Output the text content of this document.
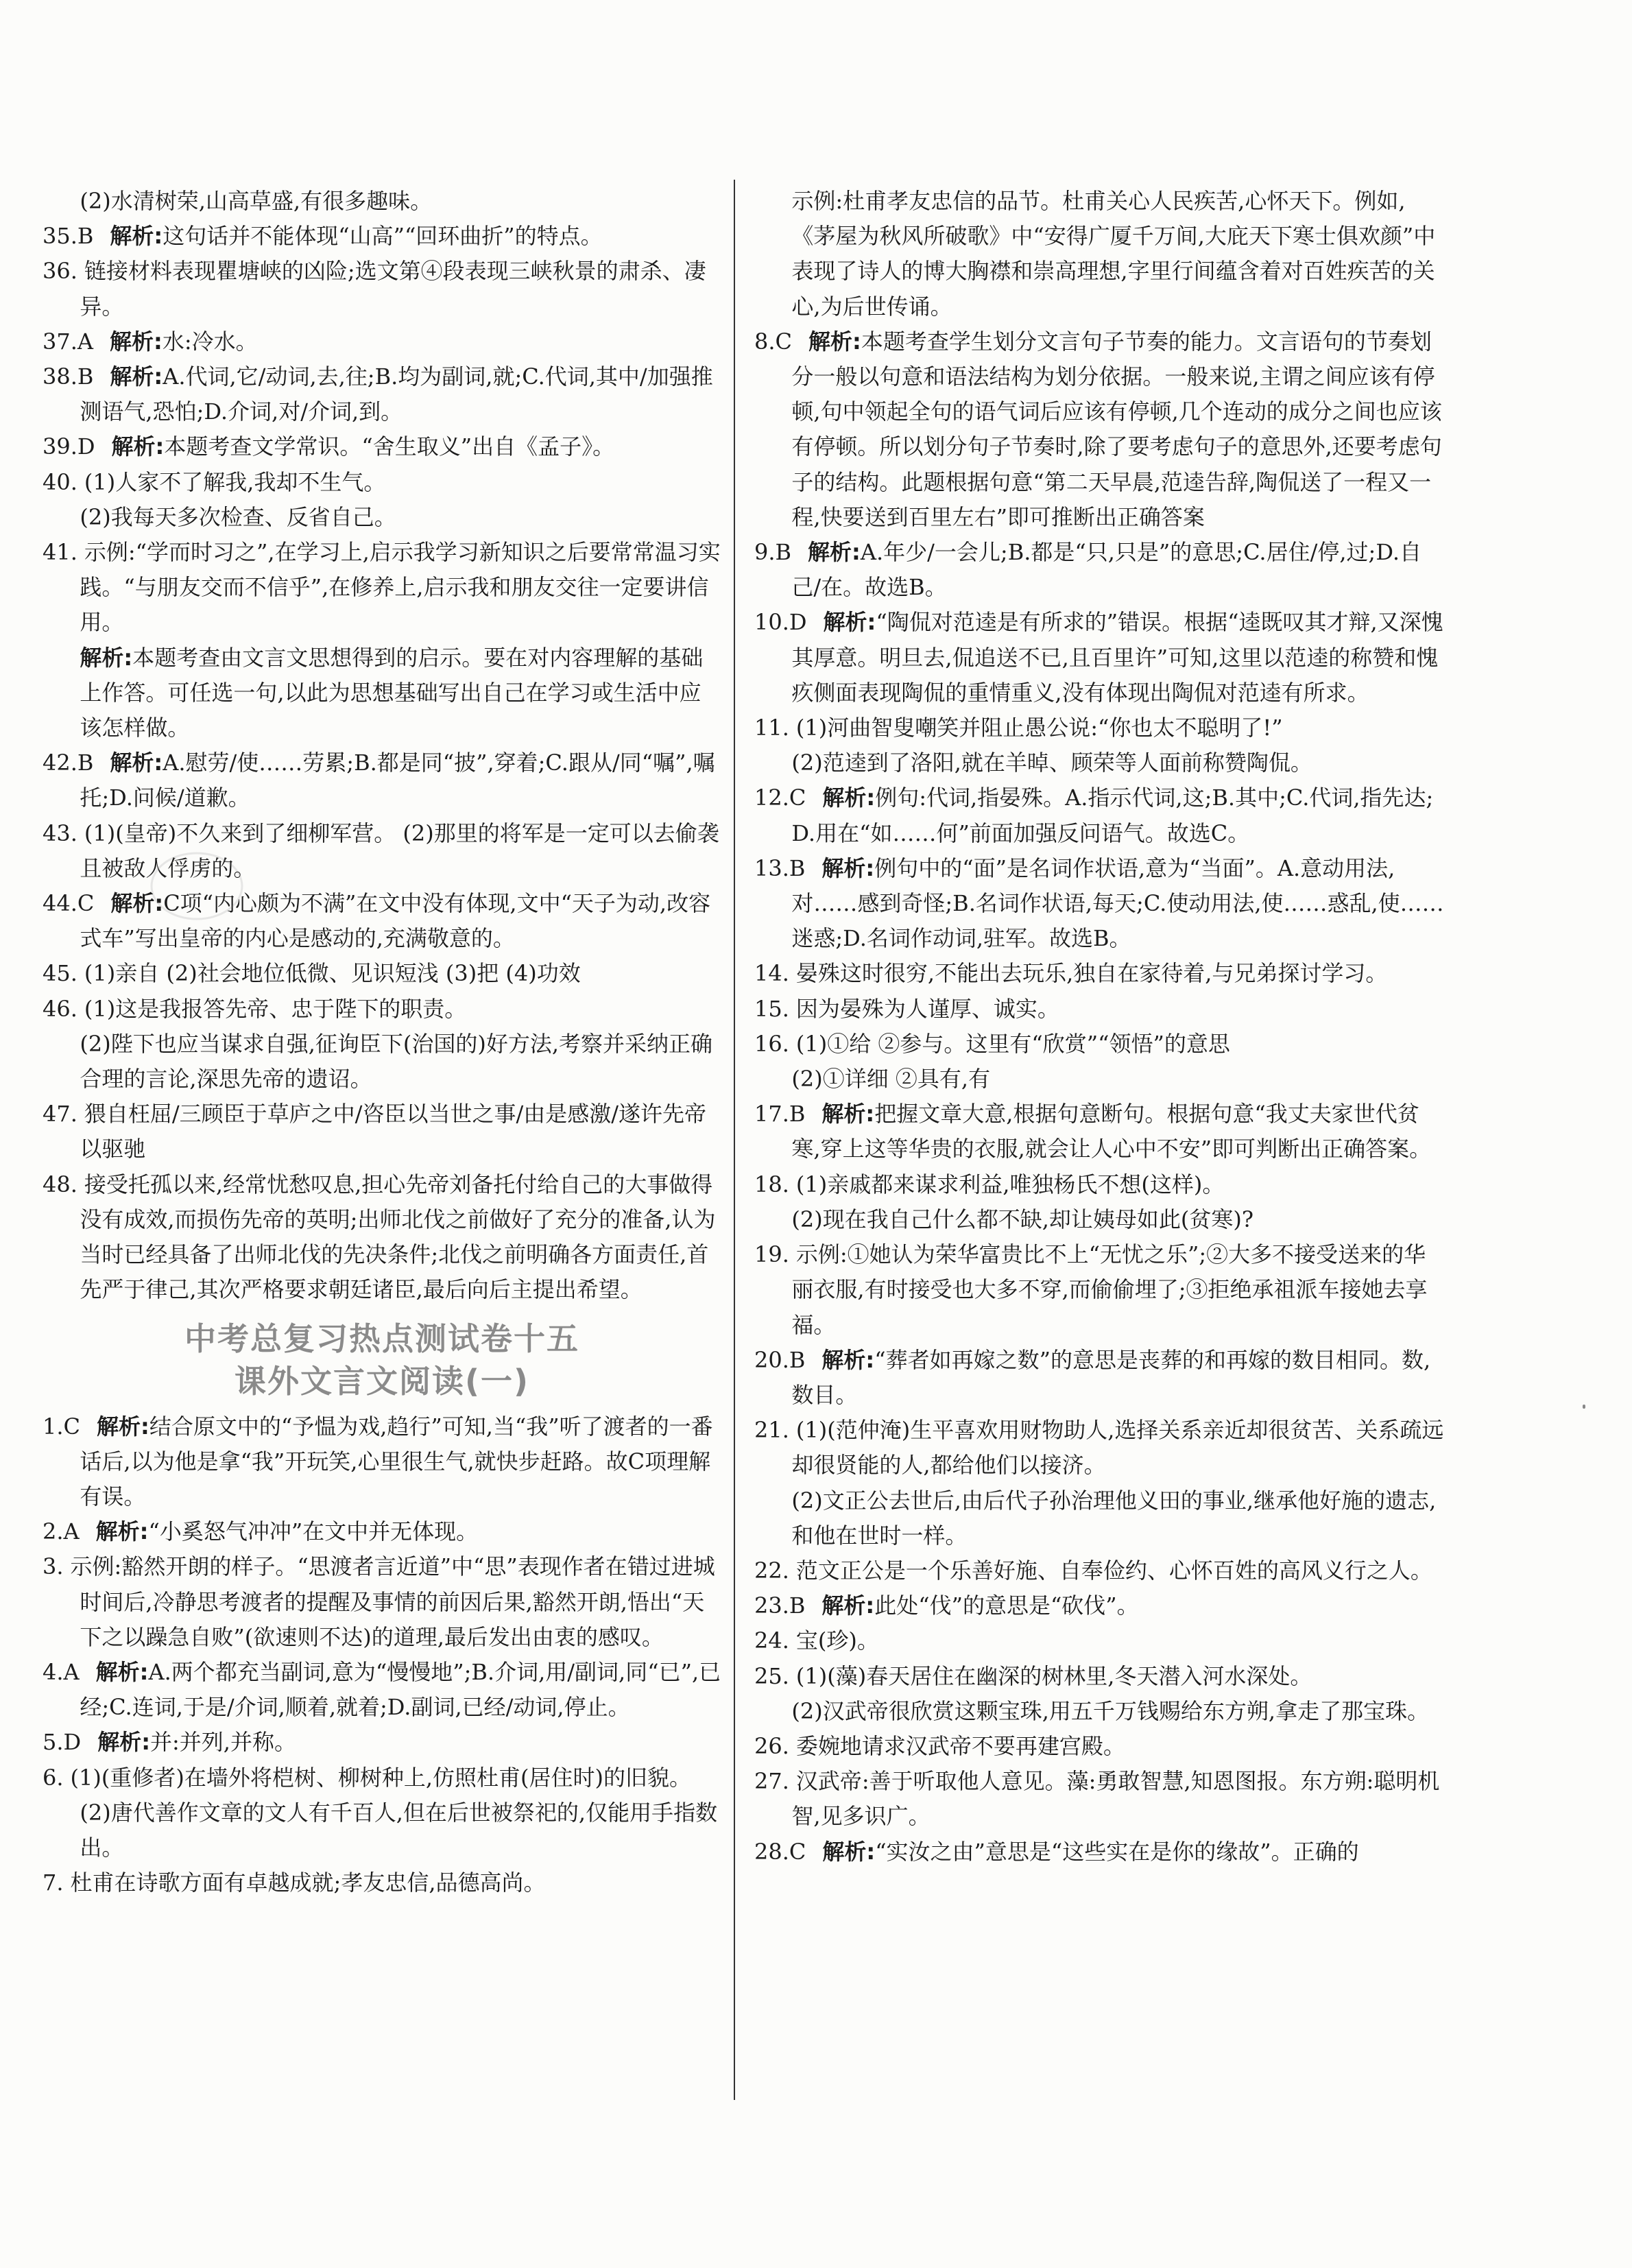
(2)水清树荣,山高草盛,有很多趣味。

35.B 解析:这句话并不能体现“山高”“回环曲折”的特点。

36. 链接材料表现瞿塘峡的凶险;选文第④段表现三峡秋景的肃杀、凄异。

37.A 解析:水:冷水。

38.B 解析:A.代词,它/动词,去,往;B.均为副词,就;C.代词,其中/加强推测语气,恐怕;D.介词,对/介词,到。

39.D 解析:本题考查文学常识。“舍生取义”出自《孟子》。

40. (1)人家不了解我,我却不生气。

(2)我每天多次检查、反省自己。

41. 示例:“学而时习之”,在学习上,启示我学习新知识之后要常常温习实践。“与朋友交而不信乎”,在修养上,启示我和朋友交往一定要讲信用。

解析:本题考查由文言文思想得到的启示。要在对内容理解的基础上作答。可任选一句,以此为思想基础写出自己在学习或生活中应该怎样做。

42.B 解析:A.慰劳/使……劳累;B.都是同“披”,穿着;C.跟从/同“嘱”,嘱托;D.问候/道歉。

43. (1)(皇帝)不久来到了细柳军营。 (2)那里的将军是一定可以去偷袭且被敌人俘虏的。

44.C 解析:C项“内心颇为不满”在文中没有体现,文中“天子为动,改容式车”写出皇帝的内心是感动的,充满敬意的。

45. (1)亲自 (2)社会地位低微、见识短浅 (3)把 (4)功效

46. (1)这是我报答先帝、忠于陛下的职责。

(2)陛下也应当谋求自强,征询臣下(治国的)好方法,考察并采纳正确合理的言论,深思先帝的遗诏。

47. 猥自枉屈/三顾臣于草庐之中/咨臣以当世之事/由是感激/遂许先帝以驱驰

48. 接受托孤以来,经常忧愁叹息,担心先帝刘备托付给自己的大事做得没有成效,而损伤先帝的英明;出师北伐之前做好了充分的准备,认为当时已经具备了出师北伐的先决条件;北伐之前明确各方面责任,首先严于律己,其次严格要求朝廷诸臣,最后向后主提出希望。

中考总复习热点测试卷十五
课外文言文阅读(一)

1.C 解析:结合原文中的“予愠为戏,趋行”可知,当“我”听了渡者的一番话后,以为他是拿“我”开玩笑,心里很生气,就快步赶路。故C项理解有误。

2.A 解析:“小奚怒气冲冲”在文中并无体现。

3. 示例:豁然开朗的样子。“思渡者言近道”中“思”表现作者在错过进城时间后,冷静思考渡者的提醒及事情的前因后果,豁然开朗,悟出“天下之以躁急自败”(欲速则不达)的道理,最后发出由衷的感叹。

4.A 解析:A.两个都充当副词,意为“慢慢地”;B.介词,用/副词,同“已”,已经;C.连词,于是/介词,顺着,就着;D.副词,已经/动词,停止。

5.D 解析:并:并列,并称。

6. (1)(重修者)在墙外将桤树、柳树种上,仿照杜甫(居住时)的旧貌。

(2)唐代善作文章的文人有千百人,但在后世被祭祀的,仅能用手指数出。

7. 杜甫在诗歌方面有卓越成就;孝友忠信,品德高尚。

示例:杜甫孝友忠信的品节。杜甫关心人民疾苦,心怀天下。例如,《茅屋为秋风所破歌》中“安得广厦千万间,大庇天下寒士俱欢颜”中表现了诗人的博大胸襟和崇高理想,字里行间蕴含着对百姓疾苦的关心,为后世传诵。

8.C 解析:本题考查学生划分文言句子节奏的能力。文言语句的节奏划分一般以句意和语法结构为划分依据。一般来说,主谓之间应该有停顿,句中领起全句的语气词后应该有停顿,几个连动的成分之间也应该有停顿。所以划分句子节奏时,除了要考虑句子的意思外,还要考虑句子的结构。此题根据句意“第二天早晨,范逵告辞,陶侃送了一程又一程,快要送到百里左右”即可推断出正确答案

9.B 解析:A.年少/一会儿;B.都是“只,只是”的意思;C.居住/停,过;D.自己/在。故选B。

10.D 解析:“陶侃对范逵是有所求的”错误。根据“逵既叹其才辩,又深愧其厚意。明旦去,侃追送不已,且百里许”可知,这里以范逵的称赞和愧疚侧面表现陶侃的重情重义,没有体现出陶侃对范逵有所求。

11. (1)河曲智叟嘲笑并阻止愚公说:“你也太不聪明了!”

(2)范逵到了洛阳,就在羊晫、顾荣等人面前称赞陶侃。

12.C 解析:例句:代词,指晏殊。A.指示代词,这;B.其中;C.代词,指先达;D.用在“如……何”前面加强反问语气。故选C。

13.B 解析:例句中的“面”是名词作状语,意为“当面”。A.意动用法,对……感到奇怪;B.名词作状语,每天;C.使动用法,使……惑乱,使……迷惑;D.名词作动词,驻军。故选B。

14. 晏殊这时很穷,不能出去玩乐,独自在家待着,与兄弟探讨学习。

15. 因为晏殊为人谨厚、诚实。

16. (1)①给 ②参与。这里有“欣赏”“领悟”的意思

(2)①详细 ②具有,有

17.B 解析:把握文章大意,根据句意断句。根据句意“我丈夫家世代贫寒,穿上这等华贵的衣服,就会让人心中不安”即可判断出正确答案。

18. (1)亲戚都来谋求利益,唯独杨氏不想(这样)。

(2)现在我自己什么都不缺,却让姨母如此(贫寒)?

19. 示例:①她认为荣华富贵比不上“无忧之乐”;②大多不接受送来的华丽衣服,有时接受也大多不穿,而偷偷埋了;③拒绝承祖派车接她去享福。

20.B 解析:“葬者如再嫁之数”的意思是丧葬的和再嫁的数目相同。数,数目。

21. (1)(范仲淹)生平喜欢用财物助人,选择关系亲近却很贫苦、关系疏远却很贤能的人,都给他们以接济。

(2)文正公去世后,由后代子孙治理他义田的事业,继承他好施的遗志,和他在世时一样。

22. 范文正公是一个乐善好施、自奉俭约、心怀百姓的高风义行之人。

23.B 解析:此处“伐”的意思是“砍伐”。

24. 宝(珍)。

25. (1)(藻)春天居住在幽深的树林里,冬天潜入河水深处。

(2)汉武帝很欣赏这颗宝珠,用五千万钱赐给东方朔,拿走了那宝珠。

26. 委婉地请求汉武帝不要再建宫殿。

27. 汉武帝:善于听取他人意见。藻:勇敢智慧,知恩图报。东方朔:聪明机智,见多识广。

28.C 解析:“实汝之由”意思是“这些实在是你的缘故”。正确的
